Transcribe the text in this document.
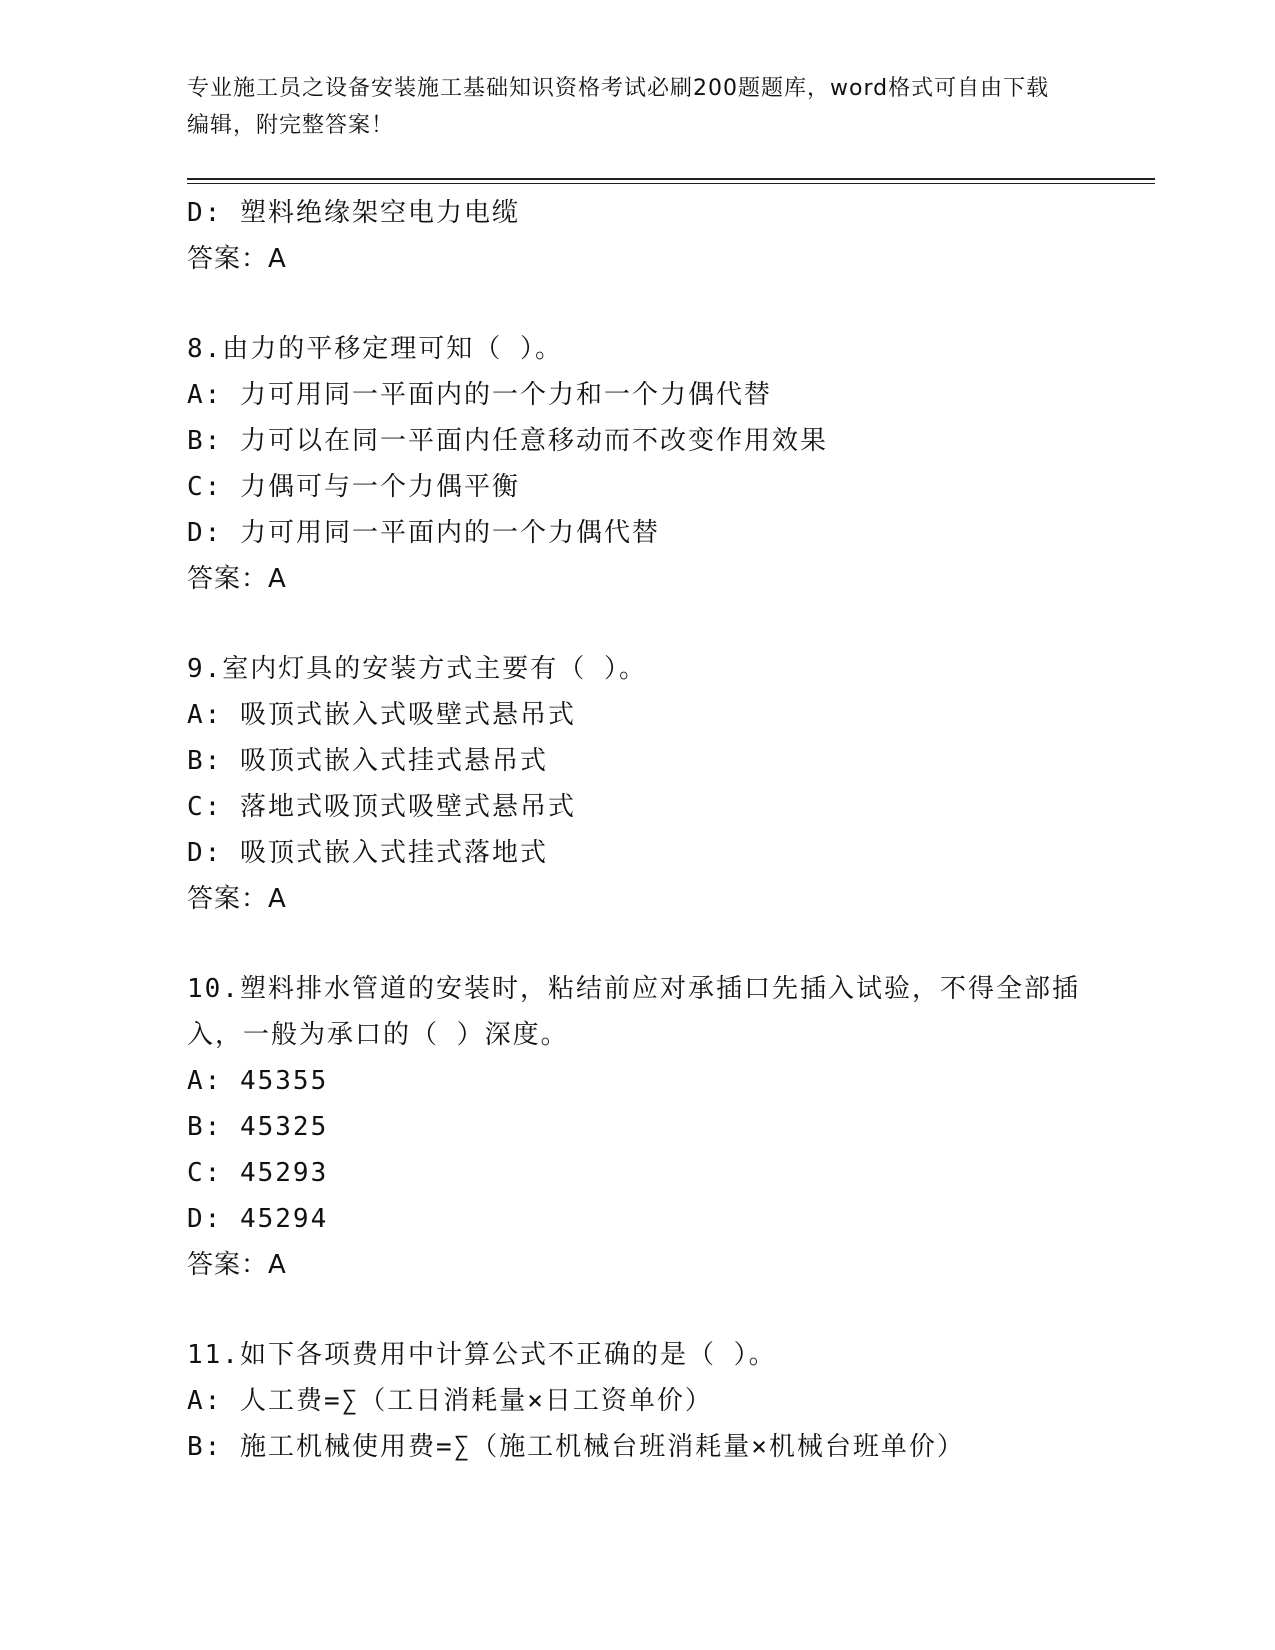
专业施工员之设备安装施工基础知识资格考试必刷200题题库，word格式可自由下载编辑，附完整答案！
D: 塑料绝缘架空电力电缆
答案：A
8.由力的平移定理可知（ ）。
A: 力可用同一平面内的一个力和一个力偶代替
B: 力可以在同一平面内任意移动而不改变作用效果
C: 力偶可与一个力偶平衡
D: 力可用同一平面内的一个力偶代替
答案：A
9.室内灯具的安装方式主要有（ ）。
A: 吸顶式嵌入式吸壁式悬吊式
B: 吸顶式嵌入式挂式悬吊式
C: 落地式吸顶式吸壁式悬吊式
D: 吸顶式嵌入式挂式落地式
答案：A
10.塑料排水管道的安装时，粘结前应对承插口先插入试验，不得全部插入，一般为承口的（ ）深度。
A: 45355
B: 45325
C: 45293
D: 45294
答案：A
11.如下各项费用中计算公式不正确的是（ ）。
A: 人工费=∑（工日消耗量×日工资单价）
B: 施工机械使用费=∑（施工机械台班消耗量×机械台班单价）
